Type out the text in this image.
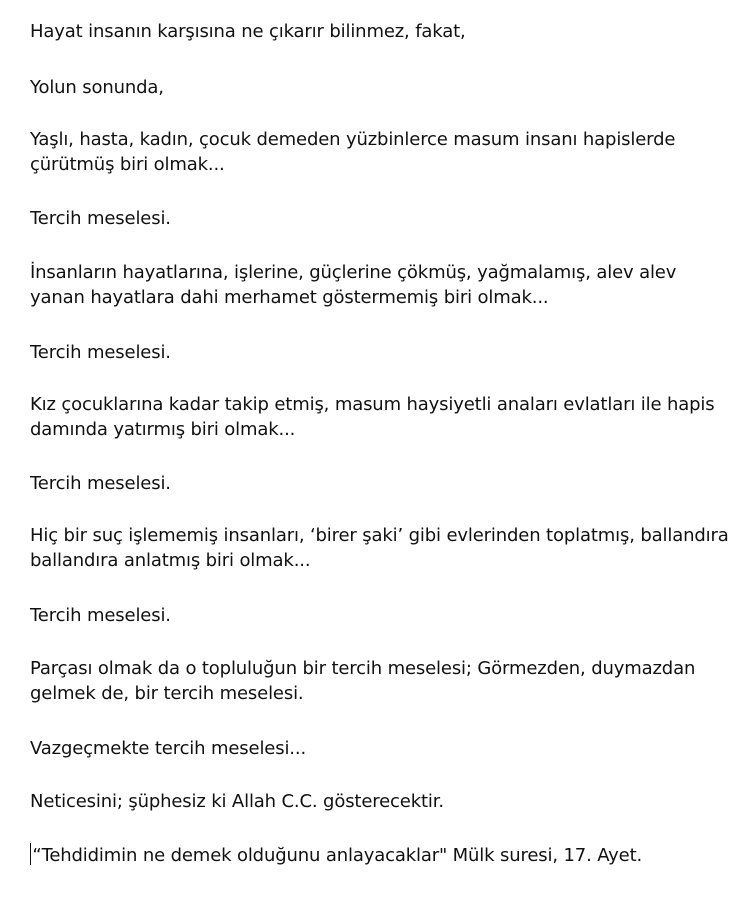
Hayat insanın karşısına ne çıkarır bilinmez, fakat,

Yolun sonunda,

Yaşlı, hasta, kadın, çocuk demeden yüzbinlerce masum insanı hapislerde çürütmüş biri olmak...

Tercih meselesi.

İnsanların hayatlarına, işlerine, güçlerine çökmüş, yağmalamış, alev alev yanan hayatlara dahi merhamet göstermemiş biri olmak...

Tercih meselesi.

Kız çocuklarına kadar takip etmiş, masum haysiyetli anaları evlatları ile hapis damında yatırmış biri olmak...

Tercih meselesi.

Hiç bir suç işlememiş insanları, ‘birer şaki’ gibi evlerinden toplatmış, ballandıra ballandıra anlatmış biri olmak...

Tercih meselesi.

Parçası olmak da o topluluğun bir tercih meselesi; Görmezden, duymazdan gelmek de, bir tercih meselesi.

Vazgeçmekte tercih meselesi...

Neticesini; şüphesiz ki Allah C.C. gösterecektir.

“Tehdidimin ne demek olduğunu anlayacaklar" Mülk suresi, 17. Ayet.
